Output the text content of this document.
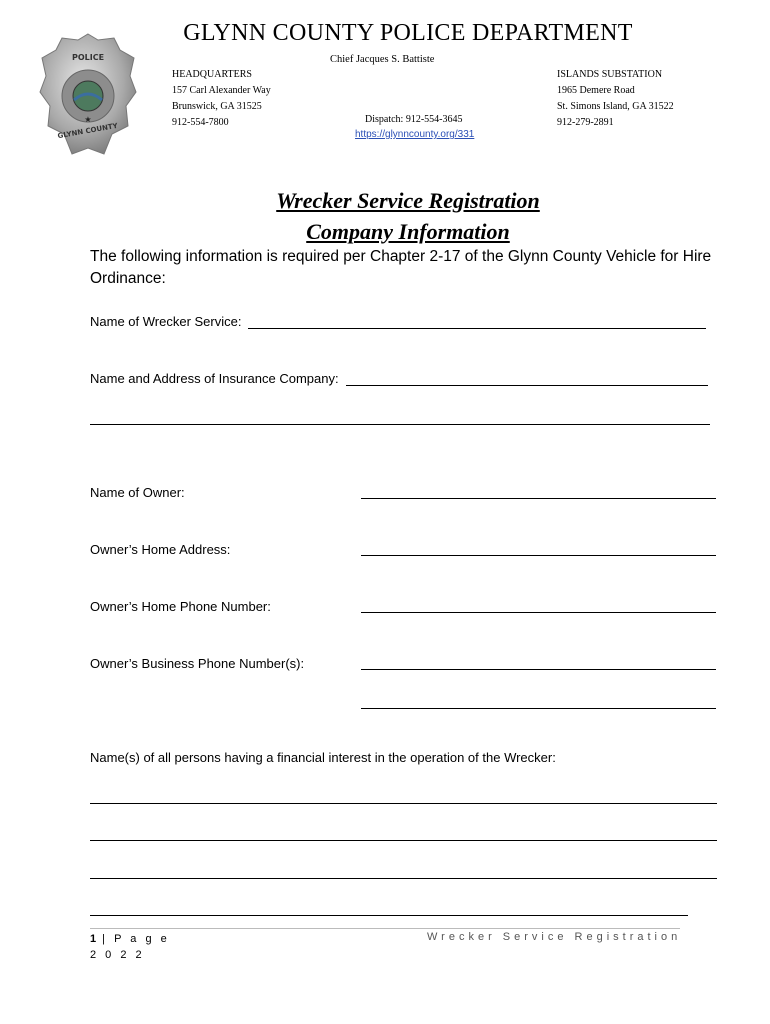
POLICE
GLYNN COUNTY
★
GLYNN COUNTY POLICE DEPARTMENT
Chief Jacques S. Battiste
HEADQUARTERS
157 Carl Alexander Way
Brunswick, GA 31525
912-554-7800
ISLANDS SUBSTATION
1965 Demere Road
St. Simons Island, GA 31522
912-279-2891
Dispatch: 912-554-3645
https://glynncounty.org/331
Wrecker Service Registration
Company Information
The following information is required per Chapter 2-17 of the Glynn County Vehicle for Hire Ordinance:
Name of Wrecker Service:
Name and Address of Insurance Company:
Name of Owner:
Owner’s Home Address:
Owner’s Home Phone Number:
Owner’s Business Phone Number(s):
Name(s) of all persons having a financial interest in the operation of the Wrecker:
1 | P a g e
2 0 2 2
Wrecker Service Registration
